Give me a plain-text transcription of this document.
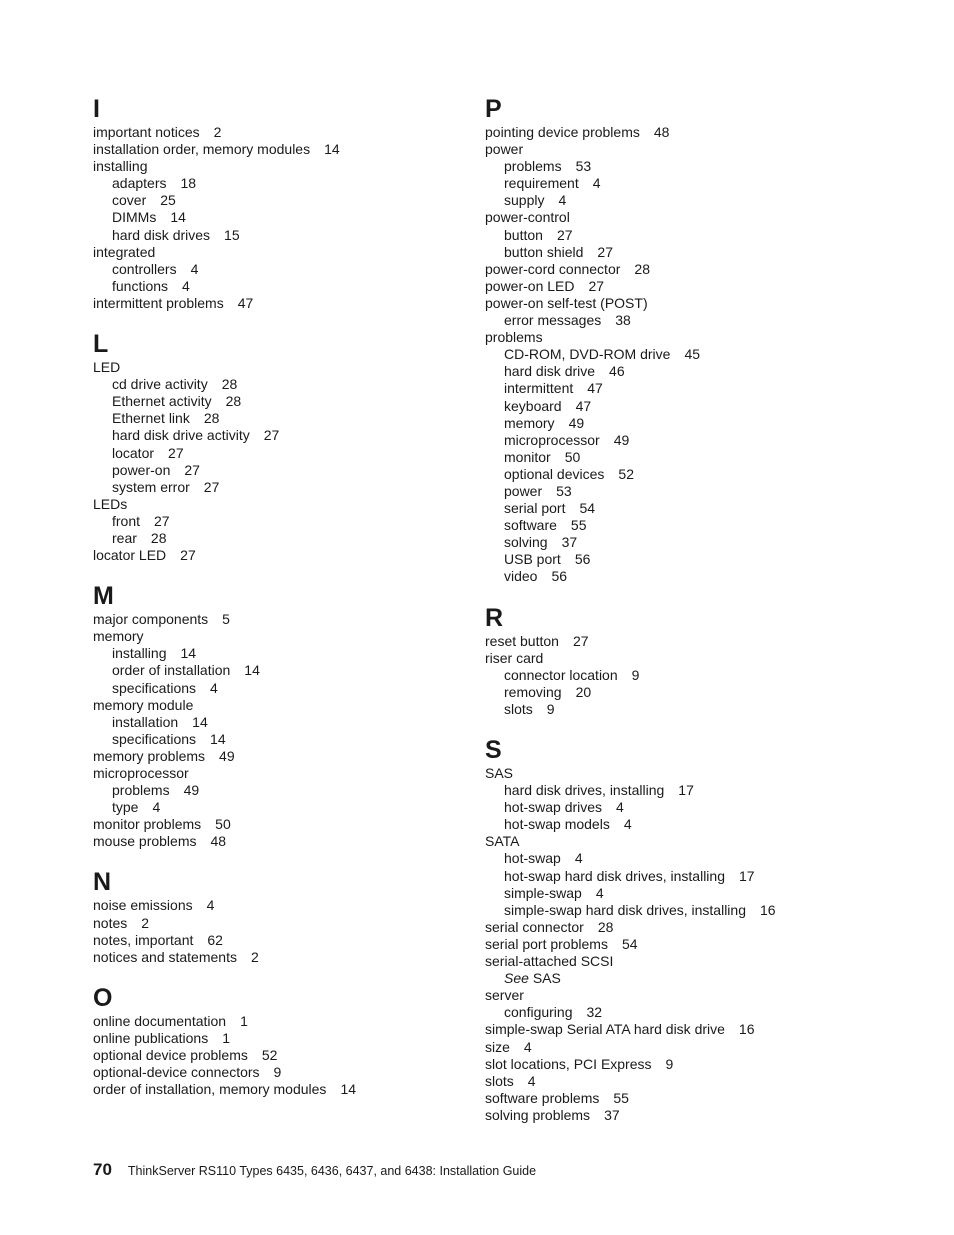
I
important notices 2
installation order, memory modules 14
installing
adapters 18
cover 25
DIMMs 14
hard disk drives 15
integrated
controllers 4
functions 4
intermittent problems 47
L
LED
cd drive activity 28
Ethernet activity 28
Ethernet link 28
hard disk drive activity 27
locator 27
power-on 27
system error 27
LEDs
front 27
rear 28
locator LED 27
M
major components 5
memory
installing 14
order of installation 14
specifications 4
memory module
installation 14
specifications 14
memory problems 49
microprocessor
problems 49
type 4
monitor problems 50
mouse problems 48
N
noise emissions 4
notes 2
notes, important 62
notices and statements 2
O
online documentation 1
online publications 1
optional device problems 52
optional-device connectors 9
order of installation, memory modules 14
P
pointing device problems 48
power
problems 53
requirement 4
supply 4
power-control
button 27
button shield 27
power-cord connector 28
power-on LED 27
power-on self-test (POST)
error messages 38
problems
CD-ROM, DVD-ROM drive 45
hard disk drive 46
intermittent 47
keyboard 47
memory 49
microprocessor 49
monitor 50
optional devices 52
power 53
serial port 54
software 55
solving 37
USB port 56
video 56
R
reset button 27
riser card
connector location 9
removing 20
slots 9
S
SAS
hard disk drives, installing 17
hot-swap drives 4
hot-swap models 4
SATA
hot-swap 4
hot-swap hard disk drives, installing 17
simple-swap 4
simple-swap hard disk drives, installing 16
serial connector 28
serial port problems 54
serial-attached SCSI
See SAS
server
configuring 32
simple-swap Serial ATA hard disk drive 16
size 4
slot locations, PCI Express 9
slots 4
software problems 55
solving problems 37
70 ThinkServer RS110 Types 6435, 6436, 6437, and 6438: Installation Guide
